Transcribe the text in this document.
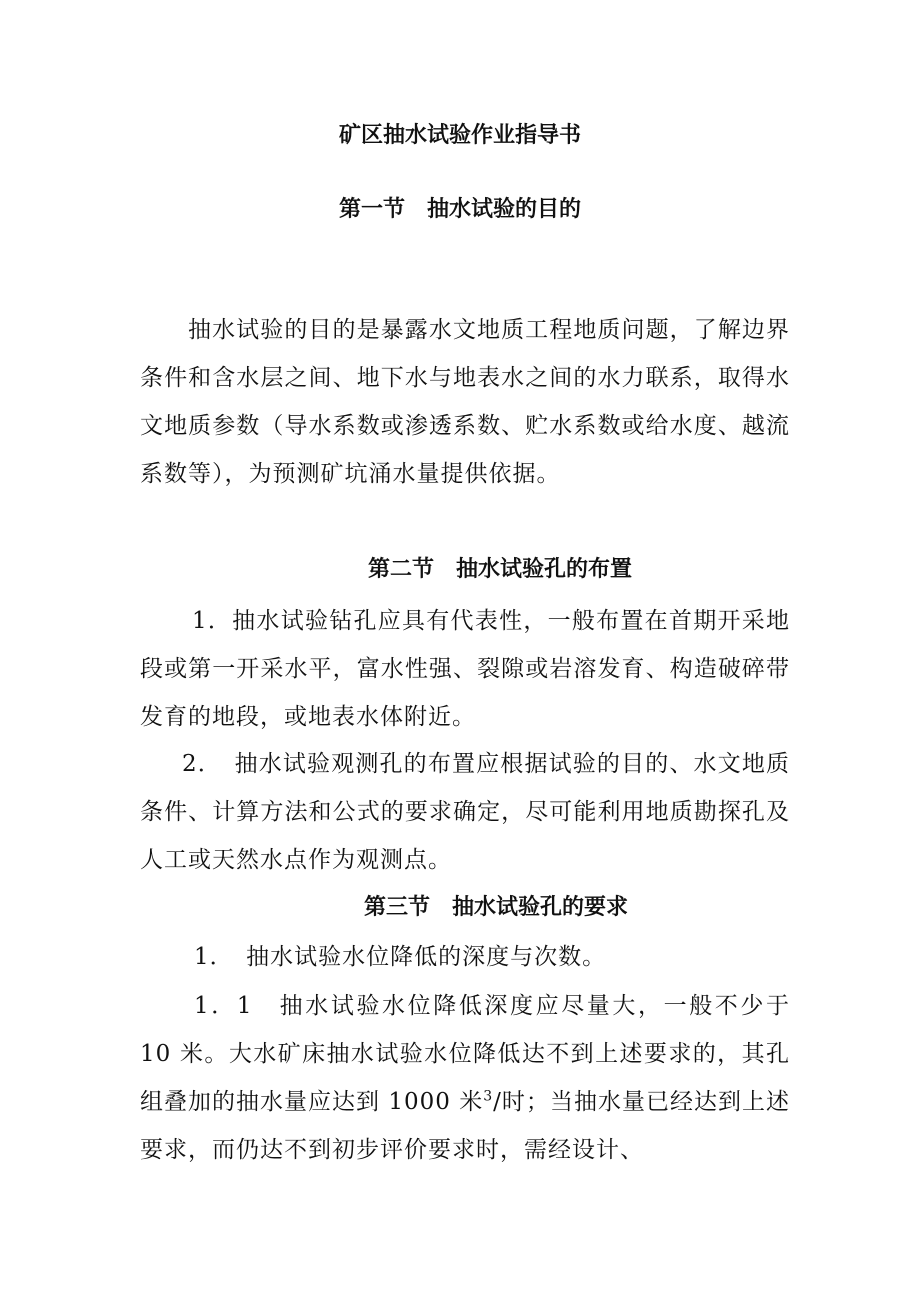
矿区抽水试验作业指导书
第一节　抽水试验的目的

抽水试验的目的是暴露水文地质工程地质问题，了解边界条件和含水层之间、地下水与地表水之间的水力联系，取得水文地质参数（导水系数或渗透系数、贮水系数或给水度、越流系数等），为预测矿坑涌水量提供依据。

第二节　抽水试验孔的布置

1．抽水试验钻孔应具有代表性，一般布置在首期开采地段或第一开采水平，富水性强、裂隙或岩溶发育、构造破碎带发育的地段，或地表水体附近。

2．　抽水试验观测孔的布置应根据试验的目的、水文地质条件、计算方法和公式的要求确定，尽可能利用地质勘探孔及人工或天然水点作为观测点。

第三节　抽水试验孔的要求

1．　抽水试验水位降低的深度与次数。

1．1　抽水试验水位降低深度应尽量大，一般不少于 10 米。大水矿床抽水试验水位降低达不到上述要求的，其孔组叠加的抽水量应达到 1000 米$^3$/时；当抽水量已经达到上述要求，而仍达不到初步评价要求时，需经设计、
